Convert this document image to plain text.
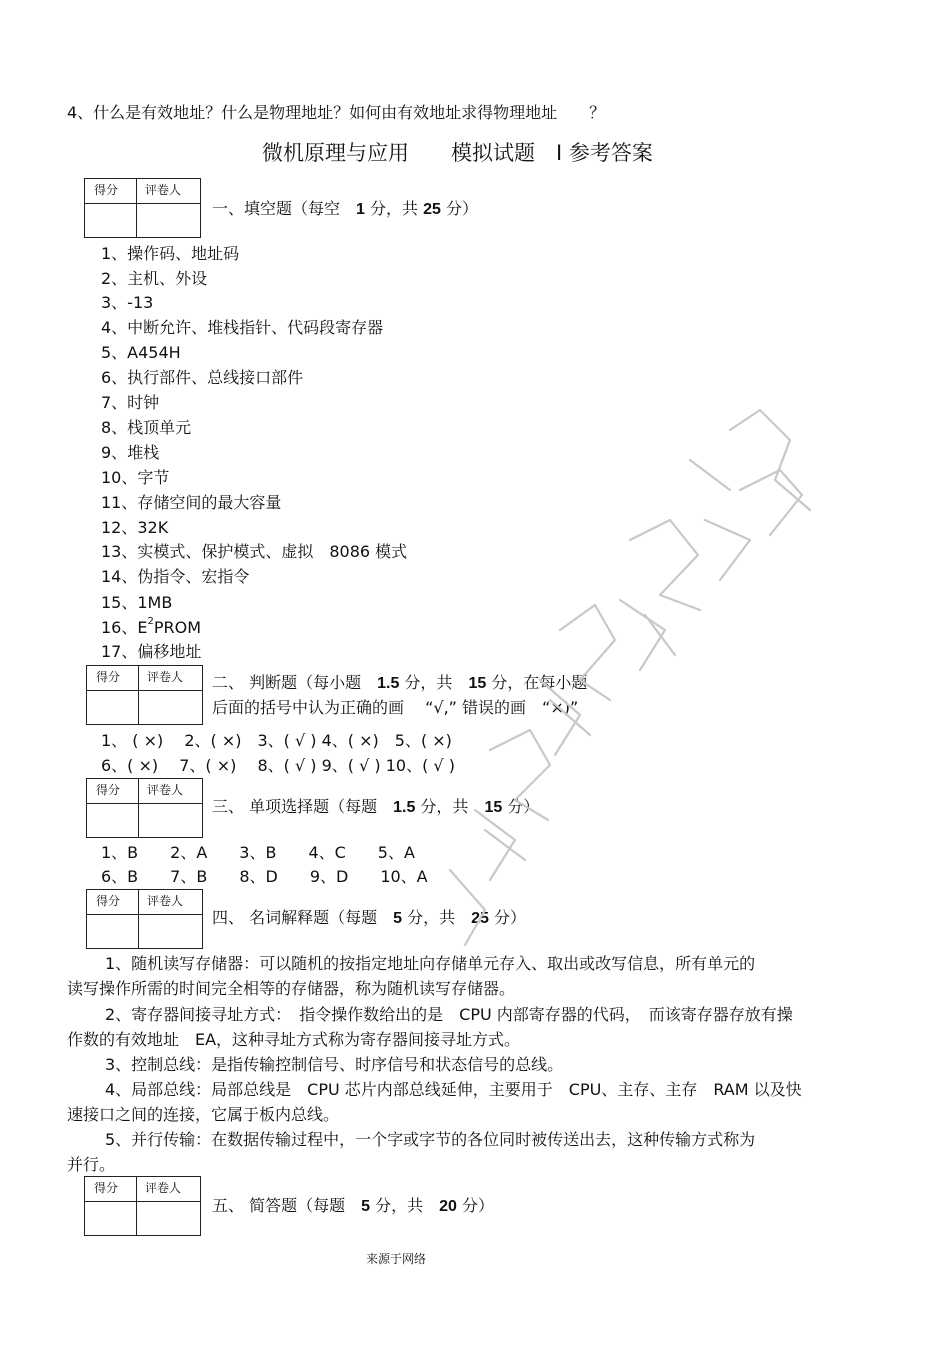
4、什么是有效地址？什么是物理地址？如何由有效地址求得物理地址　　？
微机原理与应用　　模拟试题　Ⅰ 参考答案
得分 评卷人
一、填空题（每空　1 分，共 25 分）
1、操作码、地址码
2、主机、外设
3、-13
4、中断允许、堆栈指针、代码段寄存器
5、A454H
6、执行部件、总线接口部件
7、时钟
8、栈顶单元
9、堆栈
10、字节
11、存储空间的最大容量
12、32K
13、实模式、保护模式、虚拟　8086 模式
14、伪指令、宏指令
15、1MB
16、$E^2PROM$
17、偏移地址
得分 评卷人 二、 判断题（每小题　1.5 分，共　15 分，在每小题
后面的括号中认为正确的画　 “√,” 错误的画　“×)”
1、 ( ×)　 2、( ×)　3、( √ ) 4、( ×)　5、( ×)
6、( ×)　 7、( ×)　 8、( √ ) 9、( √ ) 10、( √ )
得分 评卷人
三、 单项选择题（每题　1.5 分，共　15 分）
1、B　　2、A　　3、B　　4、C　　5、A
6、B　　7、B　　8、D　　9、D　　10、A
得分 评卷人
四、 名词解释题（每题　5 分，共　25 分）
1、随机读写存储器：可以随机的按指定地址向存储单元存入、取出或改写信息，所有单元的
读写操作所需的时间完全相等的存储器，称为随机读写存储器。
2、寄存器间接寻址方式：　指令操作数给出的是　CPU 内部寄存器的代码，　而该寄存器存放有操
作数的有效地址　EA，这种寻址方式称为寄存器间接寻址方式。
3、控制总线：是指传输控制信号、时序信号和状态信号的总线。
4、局部总线：局部总线是　CPU 芯片内部总线延伸，主要用于　CPU、主存、主存　RAM 以及快
速接口之间的连接，它属于板内总线。
5、并行传输：在数据传输过程中，一个字或字节的各位同时被传送出去，这种传输方式称为
并行。
得分 评卷人
五、 简答题（每题　5 分，共　20 分）
来源于网络
